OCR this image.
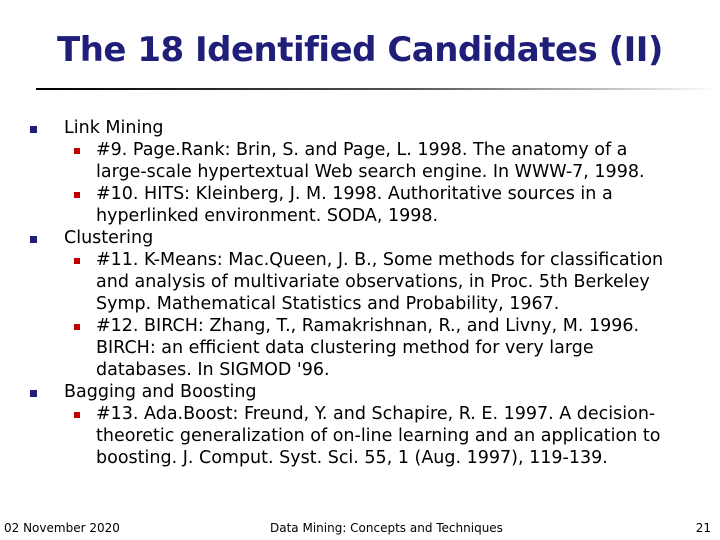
The 18 Identified Candidates (II)
Link Mining
#9. Page.Rank: Brin, S. and Page, L. 1998. The anatomy of a large-scale hypertextual Web search engine. In WWW-7, 1998.
#10. HITS: Kleinberg, J. M. 1998. Authoritative sources in a hyperlinked environment. SODA, 1998.
Clustering
#11. K-Means: Mac.Queen, J. B., Some methods for classification and analysis of multivariate observations, in Proc. 5th Berkeley Symp. Mathematical Statistics and Probability, 1967.
#12. BIRCH: Zhang, T., Ramakrishnan, R., and Livny, M. 1996. BIRCH: an efficient data clustering method for very large databases. In SIGMOD '96.
Bagging and Boosting
#13. Ada.Boost: Freund, Y. and Schapire, R. E. 1997. A decision-theoretic generalization of on-line learning and an application to boosting. J. Comput. Syst. Sci. 55, 1 (Aug. 1997), 119-139.
02 November 2020	Data Mining: Concepts and Techniques	21
